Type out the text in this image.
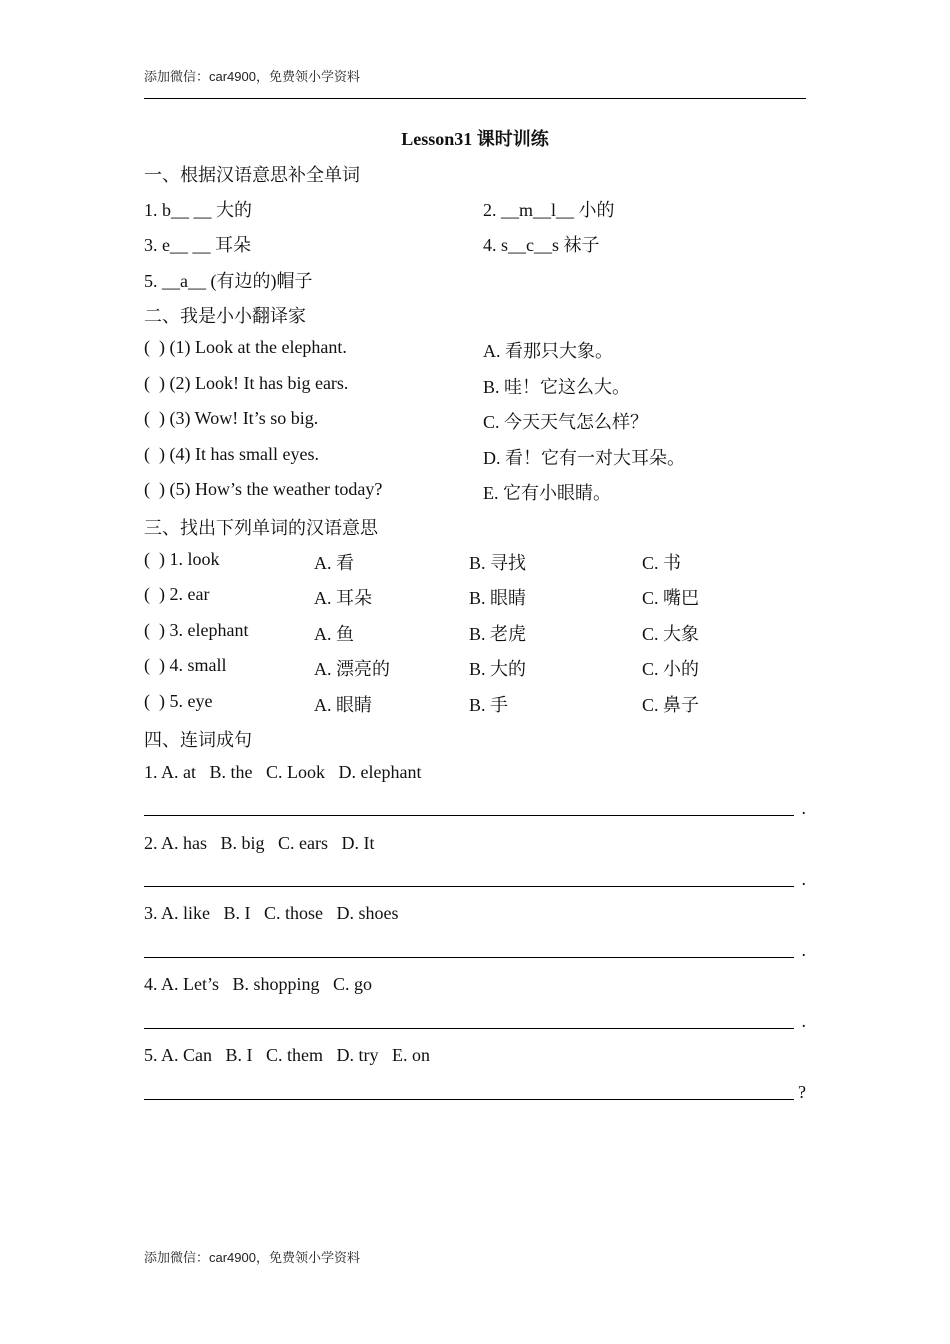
添加微信：car4900，免费领小学资料
Lesson31 课时训练
一、根据汉语意思补全单词
1. b__ __ 大的	2. __m__l__ 小的
3. e__ __ 耳朵	4. s__c__s 袜子
5. __a__ (有边的)帽子
二、我是小小翻译家
(  ) (1) Look at the elephant.	A. 看那只大象。
(  ) (2) Look! It has big ears.	B. 哇！它这么大。
(  ) (3) Wow! It’s so big.	C. 今天天气怎么样？
(  ) (4) It has small eyes.	D. 看！它有一对大耳朵。
(  ) (5) How’s the weather today?	E. 它有小眼睛。
三、找出下列单词的汉语意思
(  ) 1. look	A. 看	B. 寻找	C. 书
(  ) 2. ear	A. 耳朵	B. 眼睛	C. 嘴巴
(  ) 3. elephant	A. 鱼	B. 老虎	C. 大象
(  ) 4. small	A. 漂亮的	B. 大的	C. 小的
(  ) 5. eye	A. 眼睛	B. 手	C. 鼻子
四、连词成句
1. A. at   B. the   C. Look   D. elephant
.
2. A. has   B. big   C. ears   D. It
.
3. A. like   B. I   C. those   D. shoes
.
4. A. Let’s   B. shopping   C. go
.
5. A. Can   B. I   C. them   D. try   E. on
?
添加微信：car4900，免费领小学资料
